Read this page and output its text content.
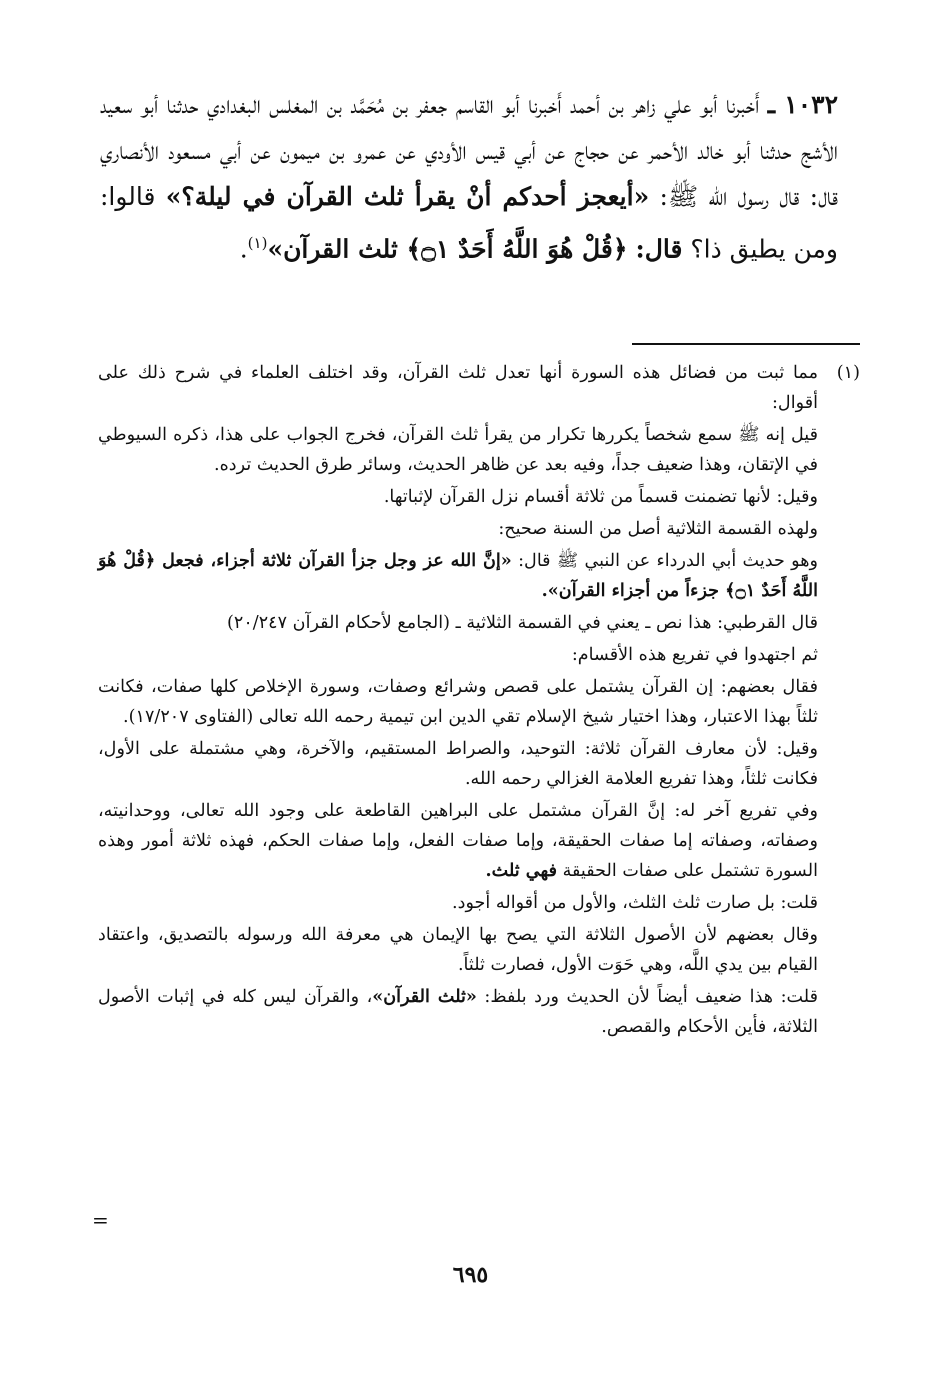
١٠٣٢ ـ أَخبرنا أبو علي زاهر بن أحمد أَخبرنا أبو القاسم جعفر بن مُحَمَّد بن المغلس البغدادي حدثنا أبو سعيد الأشج حدثنا أبو خالد الأحمر عن حجاج عن أبي قيس الأودي عن عمرو بن ميمون عن أبي مسعود الأنصاري قال: قال رسول الله ﷺ: «أيعجز أحدكم أنْ يقرأ ثلث القرآن في ليلة؟» قالوا: ومن يطيق ذا؟ قال: ﴿قُلْ هُوَ اللَّهُ أَحَدٌ ۝١﴾ ثلث القرآن»$^{(١)}$.
(١)
مما ثبت من فضائل هذه السورة أنها تعدل ثلث القرآن، وقد اختلف العلماء في شرح ذلك على أقوال:
قيل إنه ﷺ سمع شخصاً يكررها تكرار من يقرأ ثلث القرآن، فخرج الجواب على هذا، ذكره السيوطي في الإتقان، وهذا ضعيف جداً، وفيه بعد عن ظاهر الحديث، وسائر طرق الحديث ترده.
وقيل: لأنها تضمنت قسماً من ثلاثة أقسام نزل القرآن لإثباتها.
ولهذه القسمة الثلاثية أصل من السنة صحيح:
وهو حديث أبي الدرداء عن النبي ﷺ قال: «إنَّ الله عز وجل جزأ القرآن ثلاثة أجزاء، فجعل ﴿قُلْ هُوَ اللَّهُ أَحَدٌ ۝١﴾ جزءاً من أجزاء القرآن».
قال القرطبي: هذا نص ـ يعني في القسمة الثلاثية ـ (الجامع لأحكام القرآن ٢٠/٢٤٧)
ثم اجتهدوا في تفريع هذه الأقسام:
فقال بعضهم: إن القرآن يشتمل على قصص وشرائع وصفات، وسورة الإخلاص كلها صفات، فكانت ثلثاً بهذا الاعتبار، وهذا اختيار شيخ الإسلام تقي الدين ابن تيمية رحمه الله تعالى (الفتاوى ١٧/٢٠٧).
وقيل: لأن معارف القرآن ثلاثة: التوحيد، والصراط المستقيم، والآخرة، وهي مشتملة على الأول، فكانت ثلثاً، وهذا تفريع العلامة الغزالي رحمه الله.
وفي تفريع آخر له: إنَّ القرآن مشتمل على البراهين القاطعة على وجود الله تعالى، ووحدانيته، وصفاته، وصفاته إما صفات الحقيقة، وإما صفات الفعل، وإما صفات الحكم، فهذه ثلاثة أمور وهذه السورة تشتمل على صفات الحقيقة فهي ثلث.
قلت: بل صارت ثلث الثلث، والأول من أقواله أجود.
وقال بعضهم لأن الأصول الثلاثة التي يصح بها الإيمان هي معرفة الله ورسوله بالتصديق، واعتقاد القيام بين يدي اللَّه، وهي حَوَت الأول، فصارت ثلثاً.
قلت: هذا ضعيف أيضاً لأن الحديث ورد بلفظ: «ثلث القرآن»، والقرآن ليس كله في إثبات الأصول الثلاثة، فأين الأحكام والقصص.
=
٦٩٥
